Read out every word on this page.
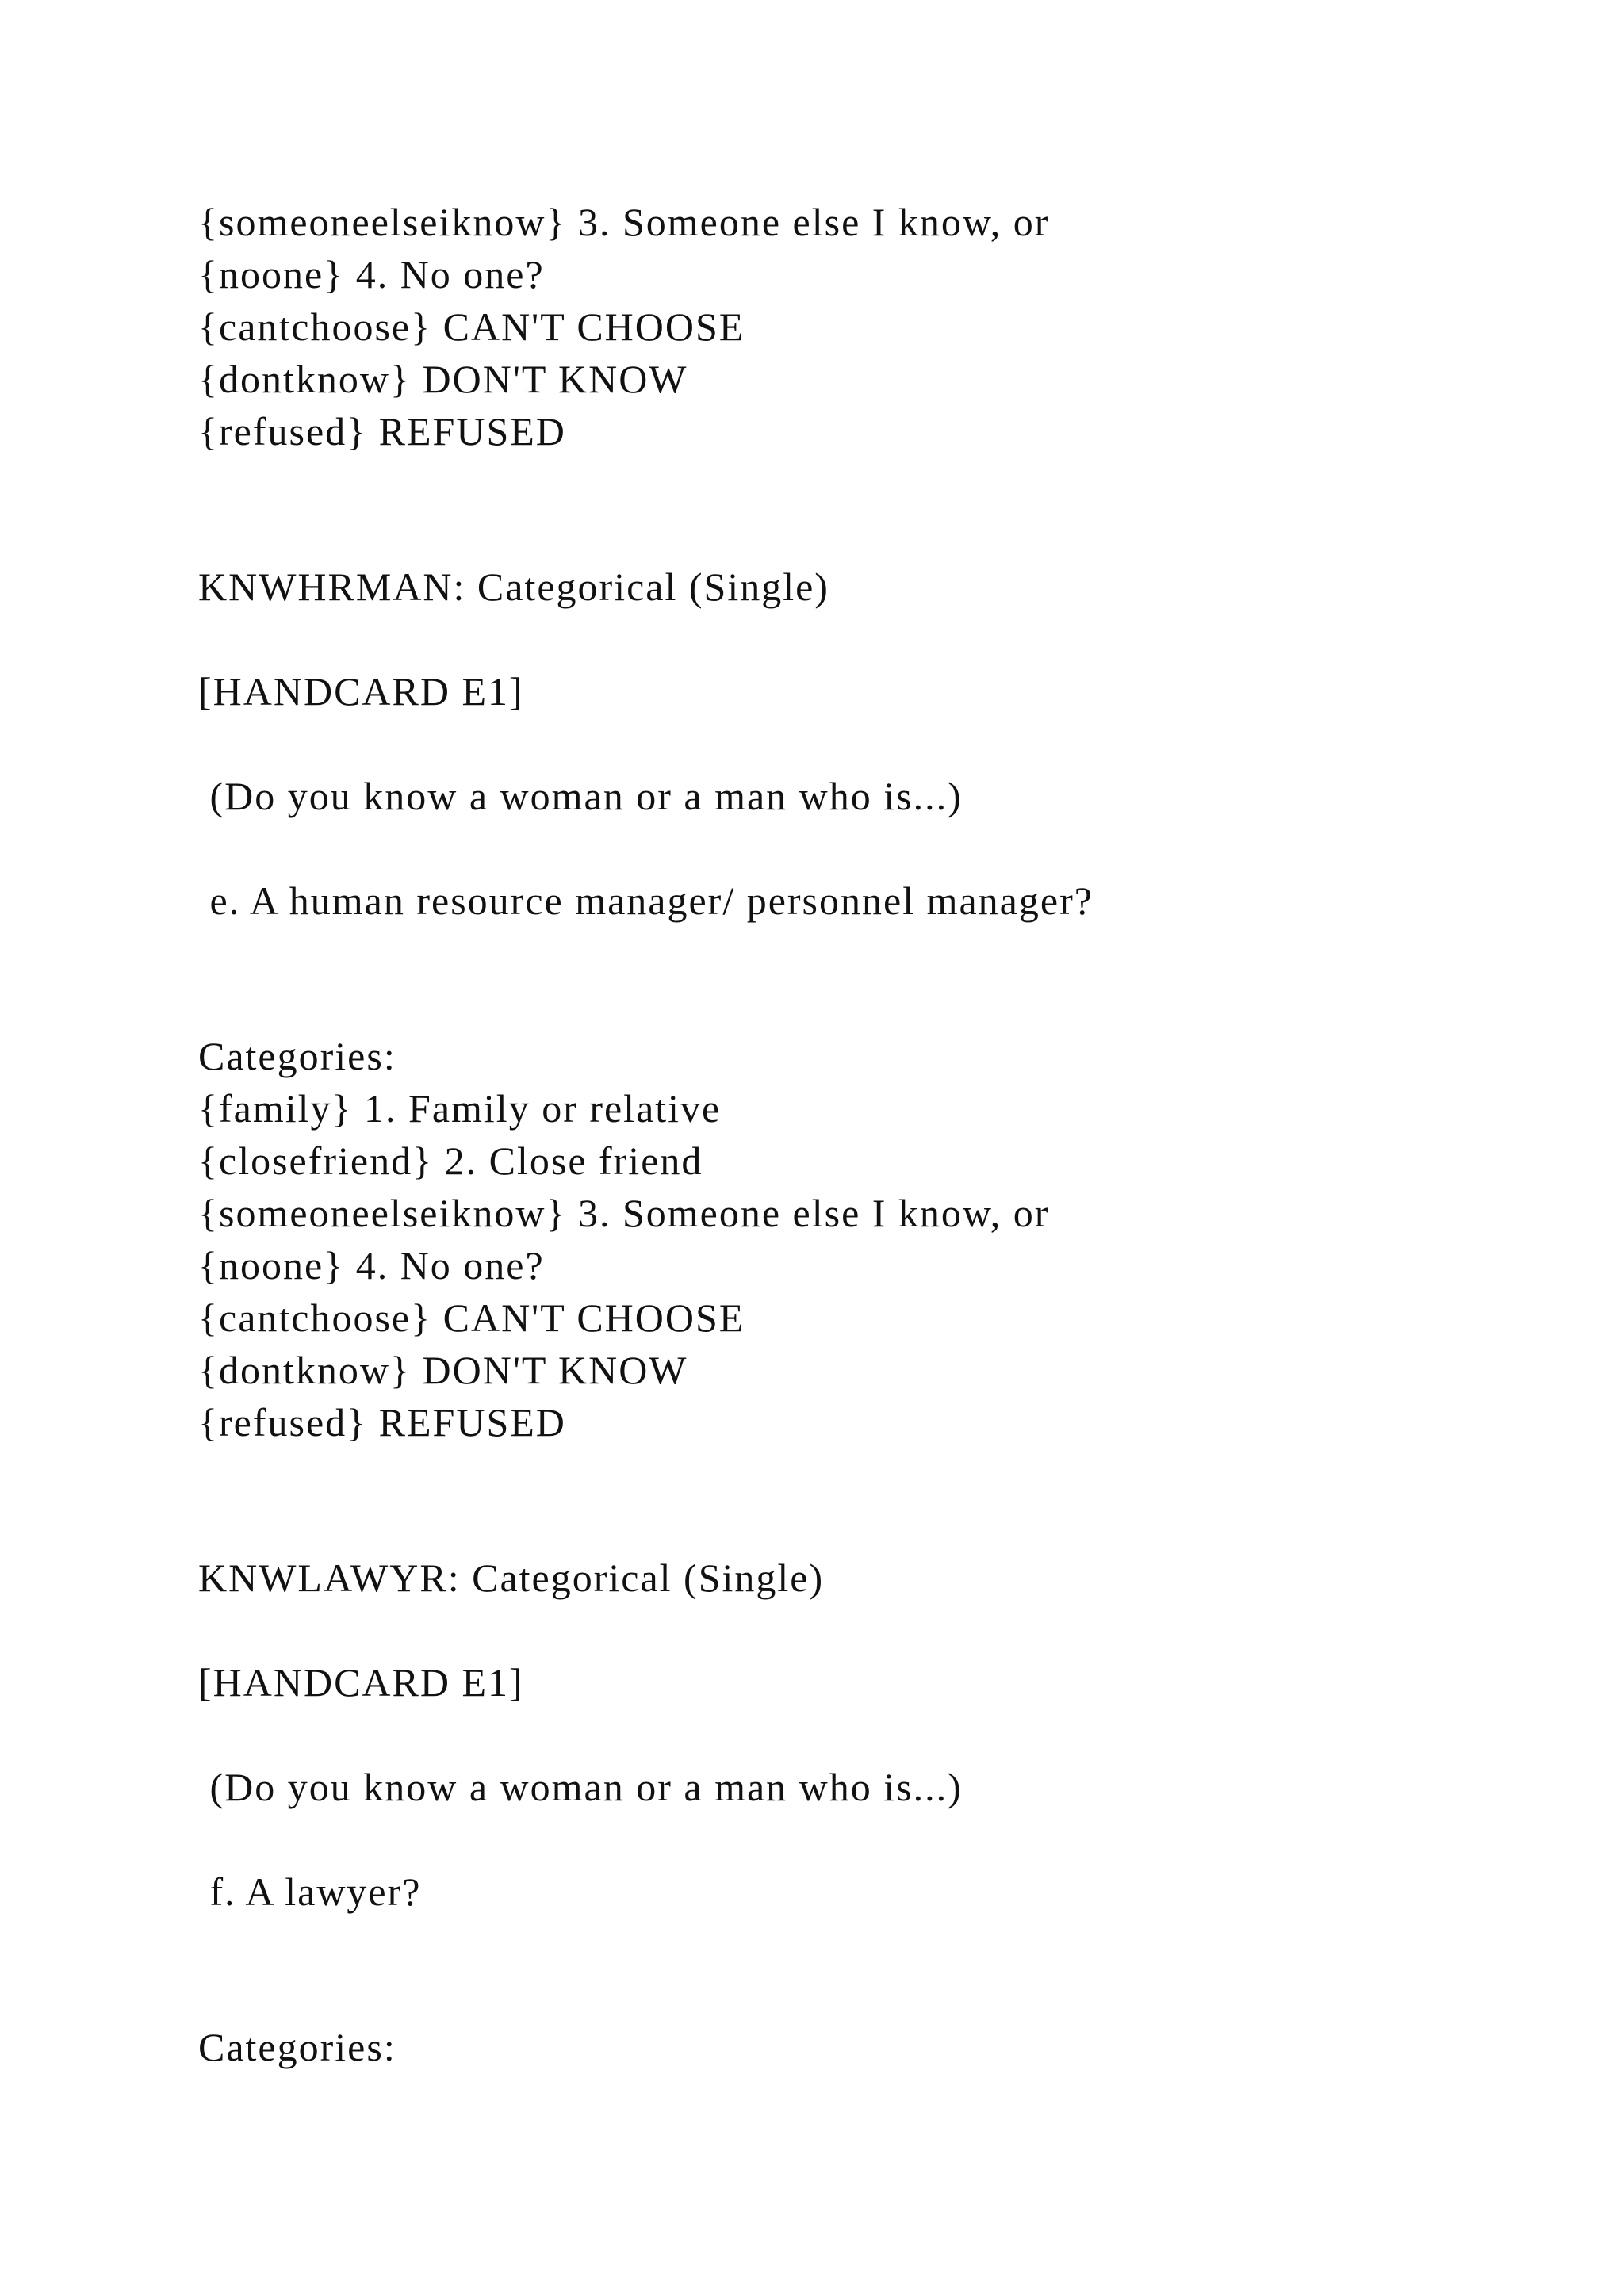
{someoneelseiknow} 3. Someone else I know, or
{noone} 4. No one?
{cantchoose} CAN'T CHOOSE
{dontknow} DON'T KNOW
{refused} REFUSED
KNWHRMAN: Categorical (Single)
[HANDCARD E1]
(Do you know a woman or a man who is...)
e. A human resource manager/ personnel manager?
Categories:
{family} 1. Family or relative
{closefriend} 2. Close friend
{someoneelseiknow} 3. Someone else I know, or
{noone} 4. No one?
{cantchoose} CAN'T CHOOSE
{dontknow} DON'T KNOW
{refused} REFUSED
KNWLAWYR: Categorical (Single)
[HANDCARD E1]
(Do you know a woman or a man who is...)
f. A lawyer?
Categories:
